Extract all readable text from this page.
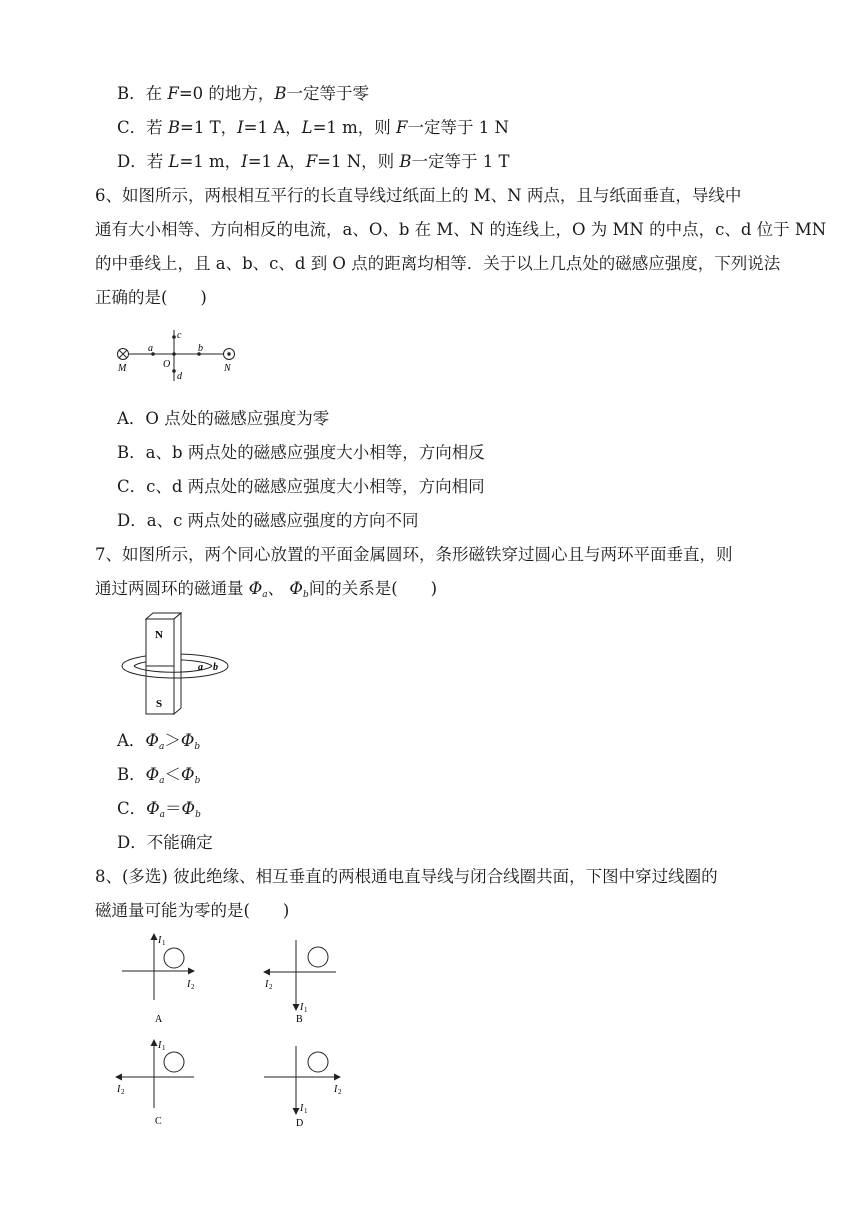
B．在 F=0 的地方，B一定等于零
C．若 B=1 T，I=1 A，L=1 m，则 F一定等于 1 N
D．若 L=1 m，I=1 A，F=1 N，则 B一定等于 1 T
6、如图所示，两根相互平行的长直导线过纸面上的 M、N 两点，且与纸面垂直，导线中
通有大小相等、方向相反的电流，a、O、b 在 M、N 的连线上，O 为 MN 的中点，c、d 位于 MN
的中垂线上，且 a、b、c、d 到 O 点的距离均相等．关于以上几点处的磁感应强度，下列说法
正确的是(　　)
M	N
a
O
b
c
d
A．O 点处的磁感应强度为零
B．a、b 两点处的磁感应强度大小相等，方向相反
C．c、d 两点处的磁感应强度大小相等，方向相同
D．a、c 两点处的磁感应强度的方向不同
7、如图所示，两个同心放置的平面金属圆环，条形磁铁穿过圆心且与两环平面垂直，则
通过两圆环的磁通量 $\Phi_a$、 $\Phi_b$间的关系是(　　)
N
S
a b
A．$\Phi_a>\Phi_b$
B．$\Phi_a<\Phi_b$
C．$\Phi_a=\Phi_b$
D．不能确定
8、(多选) 彼此绝缘、相互垂直的两根通电直导线与闭合线圈共面，下图中穿过线圈的
磁通量可能为零的是(　　)
I 1
I 2
A
I 2
I 1
B
I 1
I 2
C
I 2
I 1
D
